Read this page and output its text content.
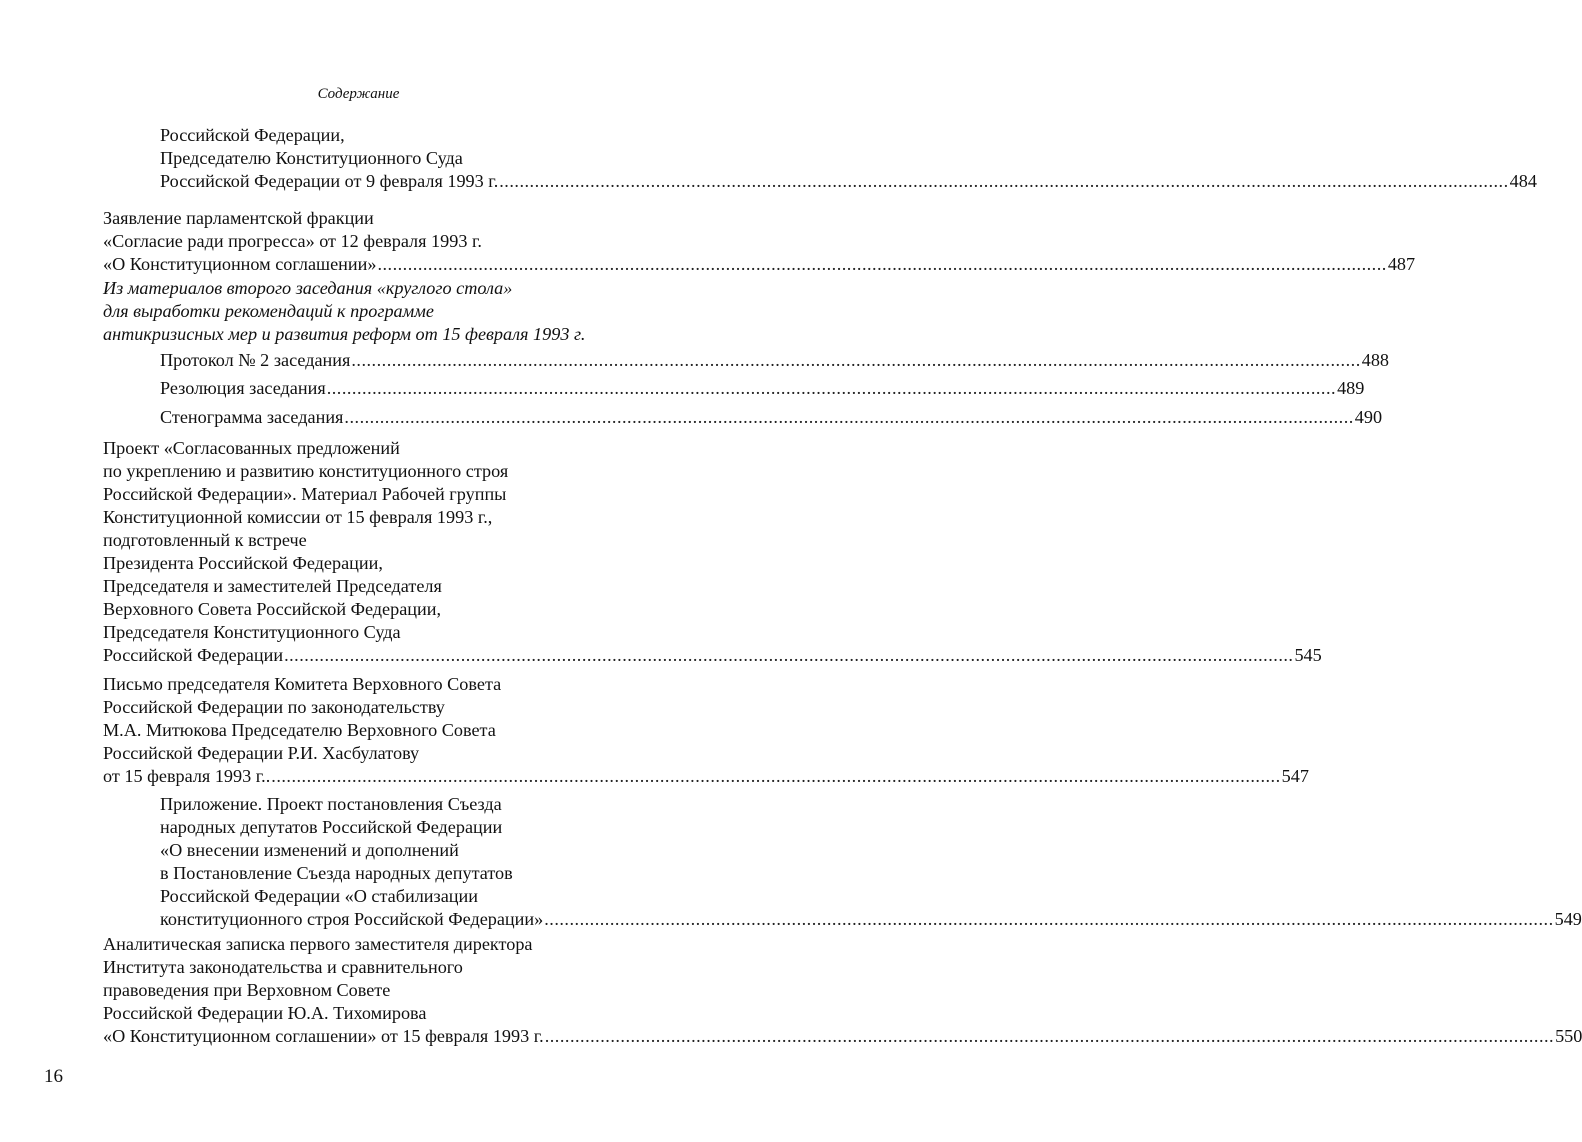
Содержание
Российской Федерации,
Председателю Конституционного Суда
Российской Федерации от 9 февраля 1993 г. ........................................................................................................................................................................................................ 484
Заявление парламентской фракции
«Согласие ради прогресса» от 12 февраля 1993 г.
«О Конституционном соглашении» ........................................................................................................................................................................................................ 487
Из материалов второго заседания «круглого стола»
для выработки рекомендаций к программе
антикризисных мер и развития реформ от 15 февраля 1993 г.
Протокол № 2 заседания ........................................................................................................................................................................................................ 488
Резолюция заседания ........................................................................................................................................................................................................ 489
Стенограмма заседания ........................................................................................................................................................................................................ 490
Проект «Согласованных предложений
по укреплению и развитию конституционного строя
Российской Федерации». Материал Рабочей группы
Конституционной комиссии от 15 февраля 1993 г.,
подготовленный к встрече
Президента Российской Федерации,
Председателя и заместителей Председателя
Верховного Совета Российской Федерации,
Председателя Конституционного Суда
Российской Федерации ........................................................................................................................................................................................................ 545
Письмо председателя Комитета Верховного Совета
Российской Федерации по законодательству
М.А. Митюкова Председателю Верховного Совета
Российской Федерации Р.И. Хасбулатову
от 15 февраля 1993 г.. ........................................................................................................................................................................................................ 547
Приложение. Проект постановления Съезда
народных депутатов Российской Федерации
«О внесении изменений и дополнений
в Постановление Съезда народных депутатов
Российской Федерации «О стабилизации
конституционного строя Российской Федерации» ........................................................................................................................................................................................................ 549
Аналитическая записка первого заместителя директора
Института законодательства и сравнительного
правоведения при Верховном Совете
Российской Федерации Ю.А. Тихомирова
«О Конституционном соглашении» от 15 февраля 1993 г. ........................................................................................................................................................................................................ 550
16
